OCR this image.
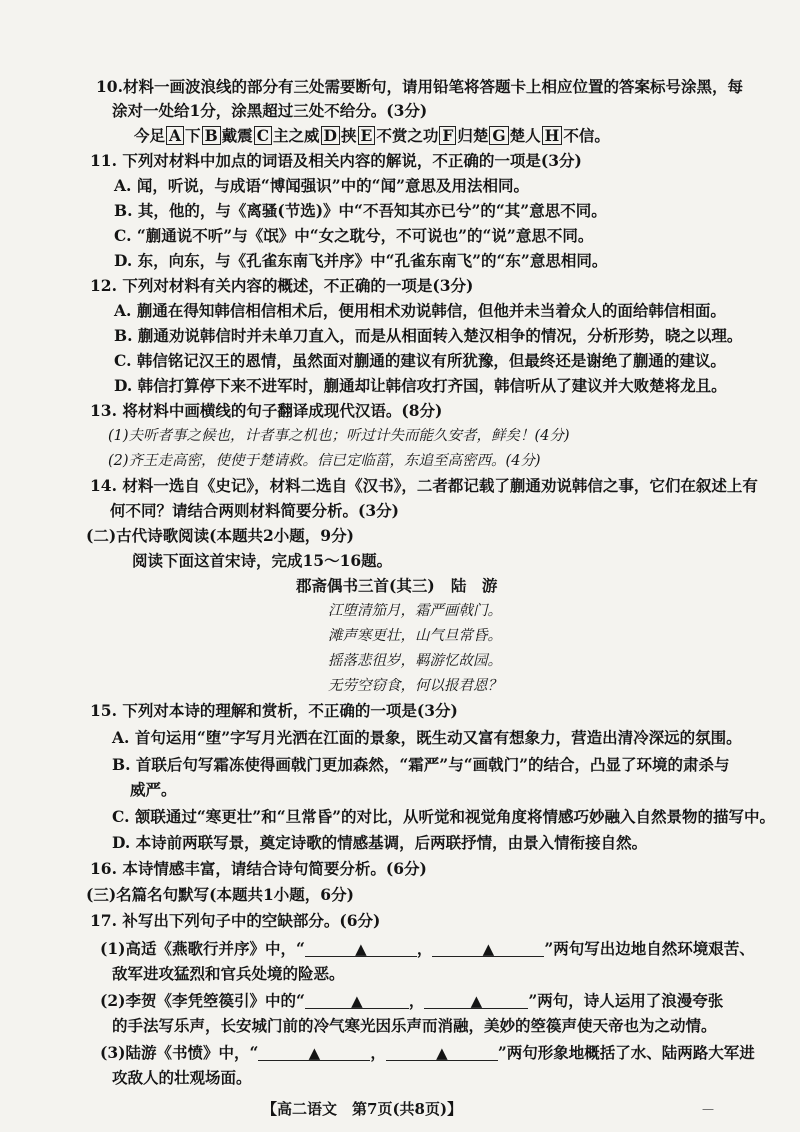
10.材料一画波浪线的部分有三处需要断句，请用铅笔将答题卡上相应位置的答案标号涂黑，每
涂对一处给1分，涂黑超过三处不给分。(3分)
今足 A 下 B 戴震 C 主之威 D 挟 E 不赏之功 F 归楚 G 楚人 H 不信。
11. 下列对材料中加点的词语及相关内容的解说，不正确的一项是(3分)
A. 闻，听说，与成语“博闻强识”中的“闻”意思及用法相同。
B. 其，他的，与《离骚(节选)》中“不吾知其亦已兮”的“其”意思不同。
C. “蒯通说不听”与《氓》中“女之耽兮，不可说也”的“说”意思不同。
D. 东，向东，与《孔雀东南飞并序》中“孔雀东南飞”的“东”意思相同。
12. 下列对材料有关内容的概述，不正确的一项是(3分)
A. 蒯通在得知韩信相信相术后，便用相术劝说韩信，但他并未当着众人的面给韩信相面。
B. 蒯通劝说韩信时并未单刀直入，而是从相面转入楚汉相争的情况，分析形势，晓之以理。
C. 韩信铭记汉王的恩情，虽然面对蒯通的建议有所犹豫，但最终还是谢绝了蒯通的建议。
D. 韩信打算停下来不进军时，蒯通却让韩信攻打齐国，韩信听从了建议并大败楚将龙且。
13. 将材料中画横线的句子翻译成现代汉语。(8分)
(1)夫听者事之候也，计者事之机也；听过计失而能久安者，鲜矣！(4分)
(2)齐王走高密，使使于楚请救。信已定临菑，东追至高密西。(4分)
14. 材料一选自《史记》，材料二选自《汉书》，二者都记载了蒯通劝说韩信之事，它们在叙述上有
何不同？请结合两则材料简要分析。(3分)
(二)古代诗歌阅读(本题共2小题，9分)
阅读下面这首宋诗，完成15～16题。
郡斋偶书三首(其三) 陆　游
江堕清笳月，霜严画戟门。
滩声寒更壮，山气旦常昏。
摇落悲徂岁，羁游忆故园。
无劳空窃食，何以报君恩？
15. 下列对本诗的理解和赏析，不正确的一项是(3分)
A. 首句运用“堕”字写月光洒在江面的景象，既生动又富有想象力，营造出清冷深远的氛围。
B. 首联后句写霜冻使得画戟门更加森然，“霜严”与“画戟门”的结合，凸显了环境的肃杀与
威严。
C. 颔联通过“寒更壮”和“旦常昏”的对比，从听觉和视觉角度将情感巧妙融入自然景物的描写中。
D. 本诗前两联写景，奠定诗歌的情感基调，后两联抒情，由景入情衔接自然。
16. 本诗情感丰富，请结合诗句简要分析。(6分)
(三)名篇名句默写(本题共1小题，6分)
17. 补写出下列句子中的空缺部分。(6分)
(1)高适《燕歌行并序》中，“	▲	，	▲	”两句写出边地自然环境艰苦、
敌军进攻猛烈和官兵处境的险恶。
(2)李贺《李凭箜篌引》中的“	▲	，	▲	”两句，诗人运用了浪漫夸张
的手法写乐声，长安城门前的冷气寒光因乐声而消融，美妙的箜篌声使天帝也为之动情。
(3)陆游《书愤》中，“	▲	，	▲	”两句形象地概括了水、陆两路大军进
攻敌人的壮观场面。
【高二语文　第7页(共8页)】	—
